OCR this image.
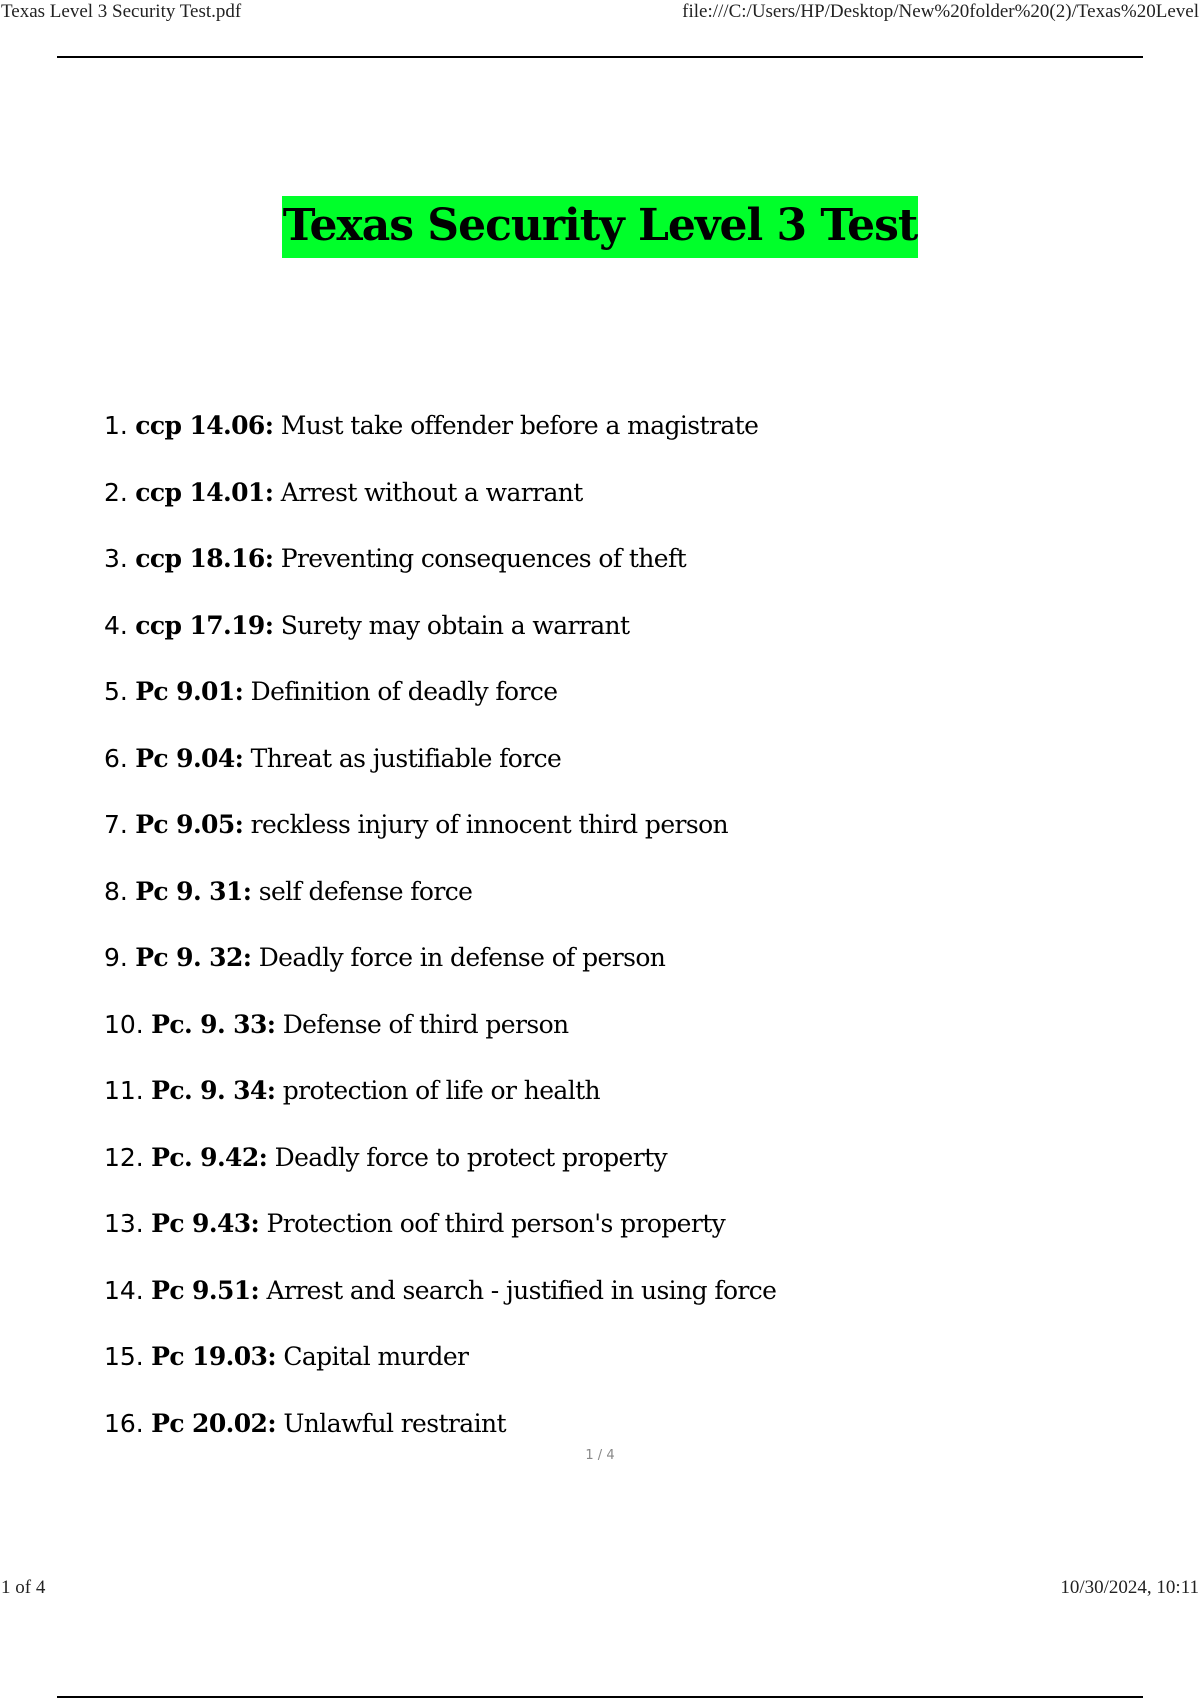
Texas Level 3 Security Test.pdf	file:///C:/Users/HP/Desktop/New%20folder%20(2)/Texas%20Level
Texas Security Level 3 Test
1. ccp 14.06: Must take offender before a magistrate
2. ccp 14.01: Arrest without a warrant
3. ccp 18.16: Preventing consequences of theft
4. ccp 17.19: Surety may obtain a warrant
5. Pc 9.01: Definition of deadly force
6. Pc 9.04: Threat as justifiable force
7. Pc 9.05: reckless injury of innocent third person
8. Pc 9. 31: self defense force
9. Pc 9. 32: Deadly force in defense of person
10. Pc. 9. 33: Defense of third person
11. Pc. 9. 34: protection of life or health
12. Pc. 9.42: Deadly force to protect property
13. Pc 9.43: Protection oof third person's property
14. Pc 9.51: Arrest and search - justified in using force
15. Pc 19.03: Capital murder
16. Pc 20.02: Unlawful restraint
1 / 4
1 of 4	10/30/2024, 10:11
